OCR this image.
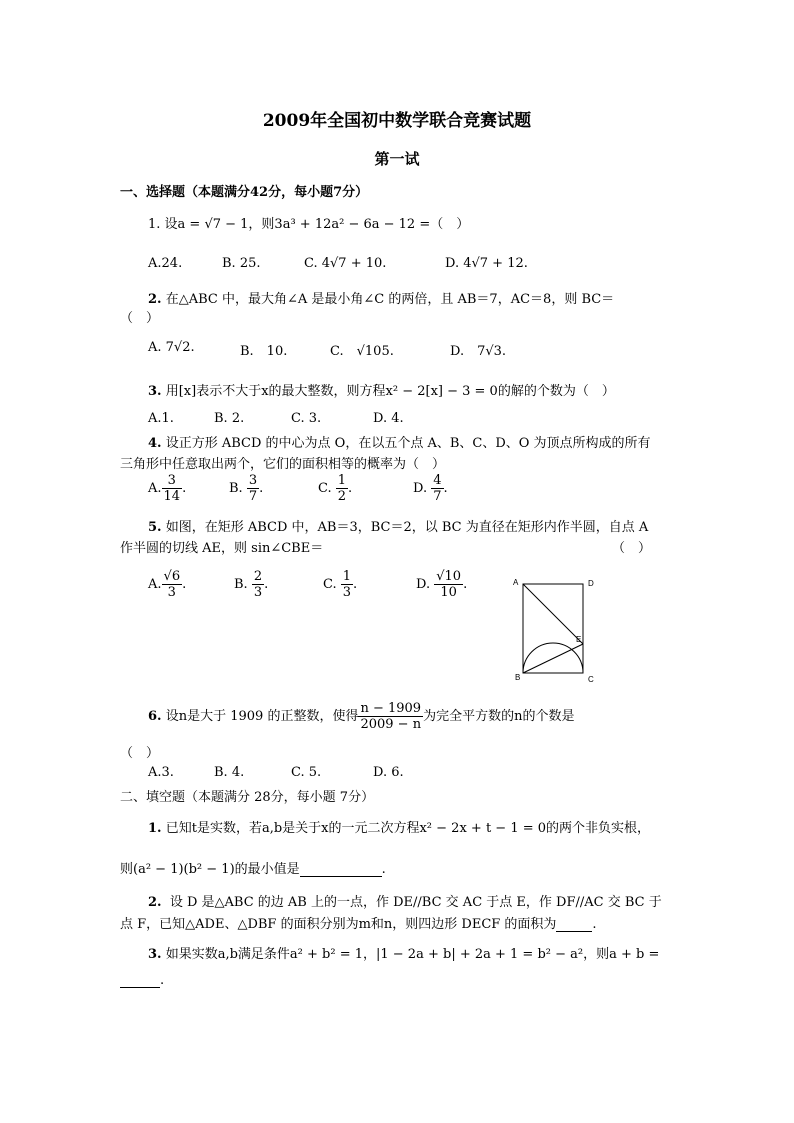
2009年全国初中数学联合竞赛试题
第一试
一、选择题（本题满分42分，每小题7分）
1. 设a = √7 − 1，则3a³ + 12a² − 6a − 12 =（　）
A.24.	B. 25.	C. 4√7 + 10.	D. 4√7 + 12.
2. 在△ABC 中，最大角∠A 是最小角∠C 的两倍，且 AB＝7，AC＝8，则 BC＝
（　）
A. 7√2.	B.　10.	C.　√105.	D.　7√3.
3. 用[x]表示不大于x的最大整数，则方程x² − 2[x] − 3 = 0的解的个数为（　）
A.1.	B. 2.	C. 3.	D. 4.
4. 设正方形 ABCD 的中心为点 O，在以五个点 A、B、C、D、O 为顶点所构成的所有
三角形中任意取出两个，它们的面积相等的概率为（　）
A. $\frac{3}{14}$ .	B. $\frac{3}{7}$ .	C. $\frac{1}{2}$ .	D. $\frac{4}{7}$ .
5. 如图，在矩形 ABCD 中，AB＝3，BC＝2，以 BC 为直径在矩形内作半圆，自点 A
作半圆的切线 AE，则 sin∠CBE＝	（　）
A. $\frac{√6}{3}$ .	B. $\frac{2}{3}$ .	C. $\frac{1}{3}$ .	D. $\frac{√10}{10}$ .	A	D
E
B	C
6. 设n是大于 1909 的正整数，使得 $\frac{n - 1909}{2009 - n}$ 为完全平方数的n的个数是
（　）
A.3.	B. 4.	C. 5.	D. 6.
二、填空题（本题满分 28分，每小题 7分）
1. 已知t是实数，若a,b是关于x的一元二次方程x² − 2x + t − 1 = 0的两个非负实根，
则(a² − 1)(b² − 1)的最小值是	.
2. 设 D 是△ABC 的边 AB 上的一点，作 DE//BC 交 AC 于点 E，作 DF//AC 交 BC 于
点 F，已知△ADE、△DBF 的面积分别为m和n，则四边形 DECF 的面积为	.
3. 如果实数a,b满足条件a² + b² = 1，|1 − 2a + b| + 2a + 1 = b² − a²，则a + b =
.
